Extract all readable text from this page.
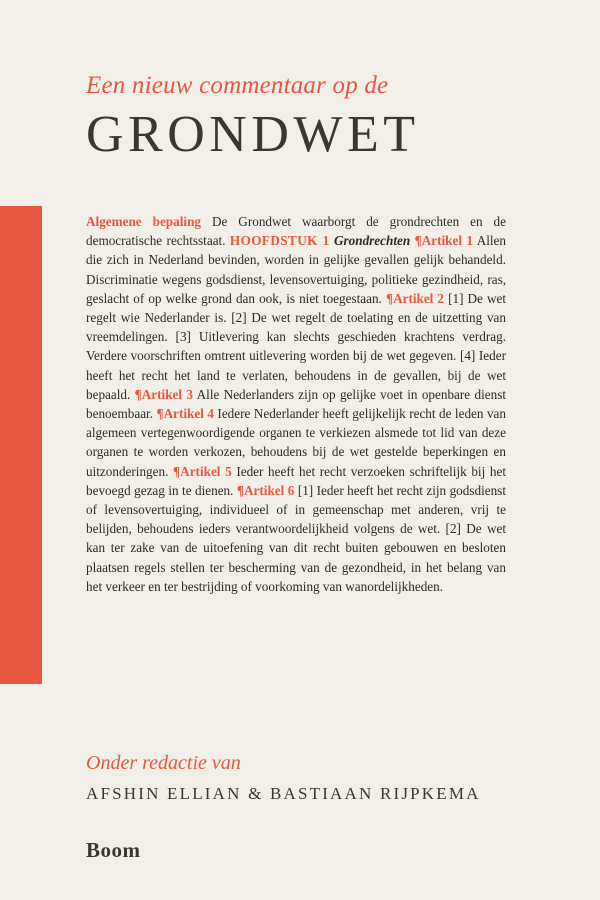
Een nieuw commentaar op de
GRONDWET

Algemene bepaling De Grondwet waarborgt de grondrechten en de democratische rechtsstaat. HOOFDSTUK 1 Grondrechten ¶Artikel 1 Allen die zich in Nederland bevinden, worden in gelijke gevallen gelijk behandeld. Discriminatie wegens godsdienst, levensovertuiging, politieke gezindheid, ras, geslacht of op welke grond dan ook, is niet toegestaan. ¶Artikel 2 [1] De wet regelt wie Nederlander is. [2] De wet regelt de toelating en de uitzetting van vreemdelingen. [3] Uitlevering kan slechts geschieden krachtens verdrag. Verdere voorschriften omtrent uitlevering worden bij de wet gegeven. [4] Ieder heeft het recht het land te verlaten, behoudens in de gevallen, bij de wet bepaald. ¶Artikel 3 Alle Nederlanders zijn op gelijke voet in openbare dienst benoembaar. ¶Artikel 4 Iedere Nederlander heeft gelijkelijk recht de leden van algemeen vertegenwoordigende organen te verkiezen alsmede tot lid van deze organen te worden verkozen, behoudens bij de wet gestelde beperkingen en uitzonderingen. ¶Artikel 5 Ieder heeft het recht verzoeken schriftelijk bij het bevoegd gezag in te dienen. ¶Artikel 6 [1] Ieder heeft het recht zijn godsdienst of levensovertuiging, individueel of in gemeenschap met anderen, vrij te belijden, behoudens ieders verantwoordelijkheid volgens de wet. [2] De wet kan ter zake van de uitoefening van dit recht buiten gebouwen en besloten plaatsen regels stellen ter bescherming van de gezondheid, in het belang van het verkeer en ter bestrijding of voorkoming van wanordelijkheden.

Onder redactie van
AFSHIN ELLIAN & BASTIAAN RIJPKEMA
Boom
